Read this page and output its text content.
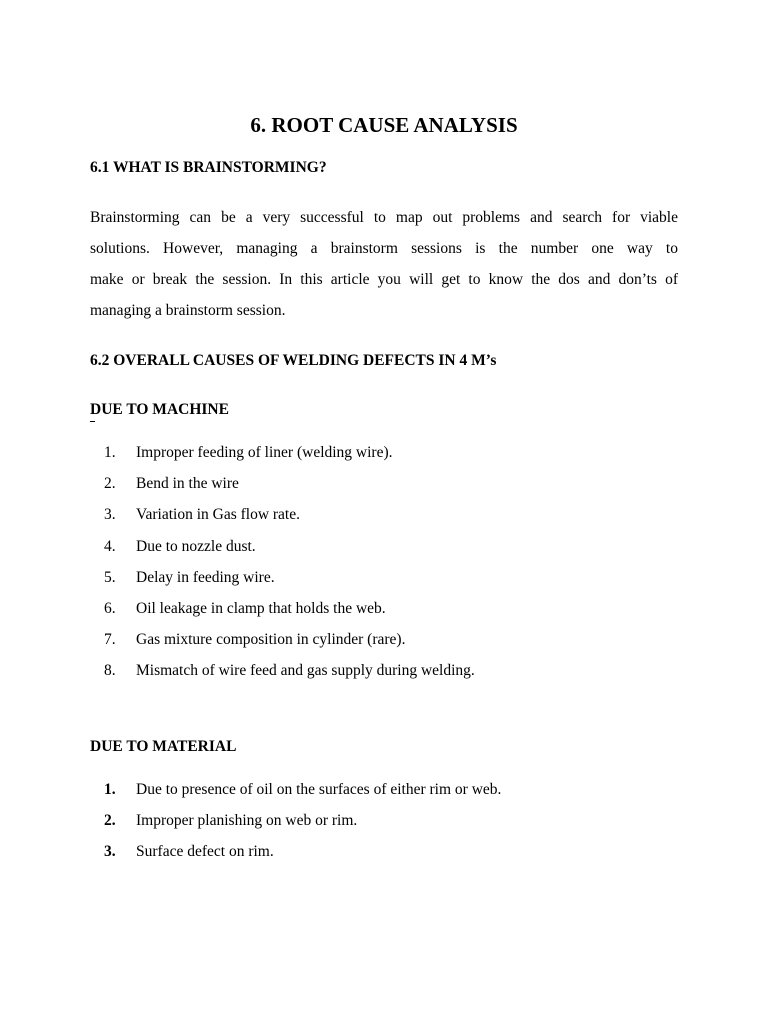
6. ROOT CAUSE ANALYSIS
6.1 WHAT IS BRAINSTORMING?

Brainstorming can be a very successful to map out problems and search for viable
solutions. However, managing a brainstorm sessions is the number one way to
make or break the session. In this article you will get to know the dos and don’ts of
managing a brainstorm session.

6.2 OVERALL CAUSES OF WELDING DEFECTS IN 4 M’s
DUE TO MACHINE
1. Improper feeding of liner (welding wire).
2. Bend in the wire
3. Variation in Gas flow rate.
4. Due to nozzle dust.
5. Delay in feeding wire.
6. Oil leakage in clamp that holds the web.
7. Gas mixture composition in cylinder (rare).
8. Mismatch of wire feed and gas supply during welding.
DUE TO MATERIAL
1. Due to presence of oil on the surfaces of either rim or web.
2. Improper planishing on web or rim.
3. Surface defect on rim.
